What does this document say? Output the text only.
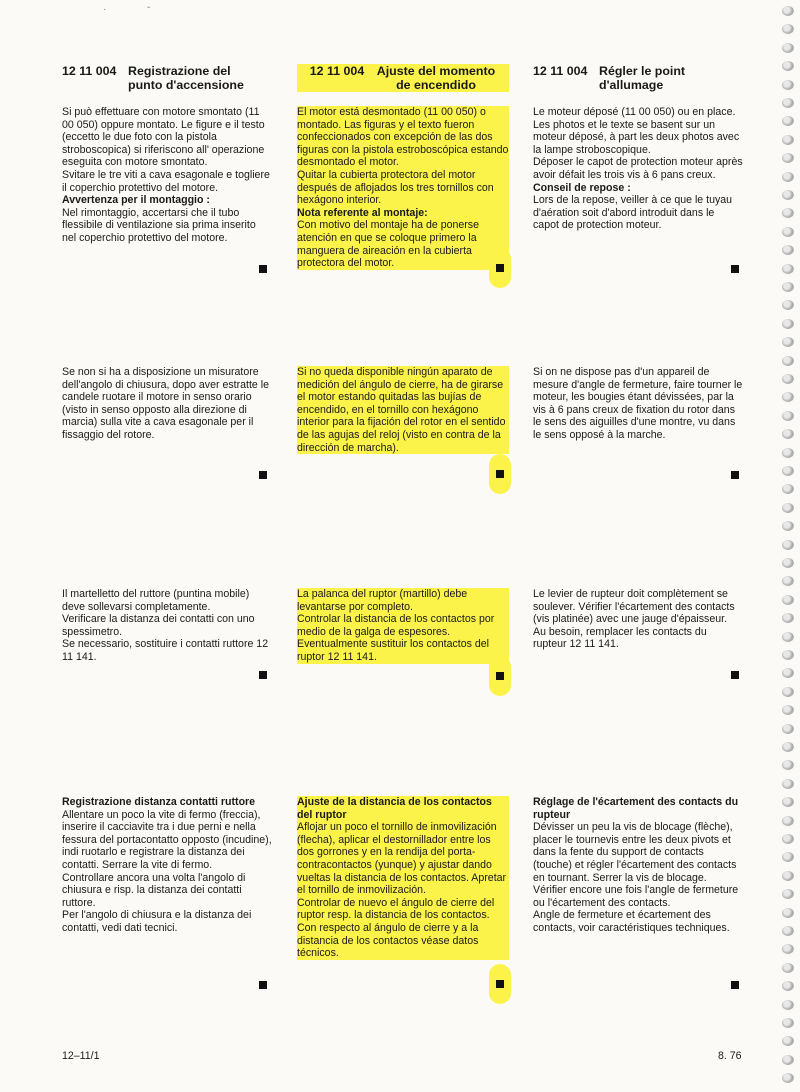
·	ˇ
12 11 004 Registrazione del punto d'accensione

Si può effettuare con motore smontato (11 00 050) oppure montato. Le figure e il testo (eccetto le due foto con la pistola stroboscopica) si riferiscono all' operazione eseguita con motore smontato.
Svitare le tre viti a cava esagonale e togliere il coperchio protettivo del motore.

Avvertenza per il montaggio :

Nel rimontaggio, accertarsi che il tubo flessibile di ventilazione sia prima inserito nel coperchio protettivo del motore.

12 11 004 Ajuste del momento de encendido

El motor está desmontado (11 00 050) o montado. Las figuras y el texto fueron confeccionados con excepción de las dos figuras con la pistola estroboscópica estando desmontado el motor.
Quitar la cubierta protectora del motor después de aflojados los tres tornillos con hexágono interior.

Nota referente al montaje:

Con motivo del montaje ha de ponerse atención en que se coloque primero la manguera de aireación en la cubierta protectora del motor.

12 11 004 Régler le point d'allumage

Le moteur déposé (11 00 050) ou en place. Les photos et le texte se basent sur un moteur déposé, à part les deux photos avec la lampe stroboscopique.
Déposer le capot de protection moteur après avoir défait les trois vis à 6 pans creux.

Conseil de repose :

Lors de la repose, veiller à ce que le tuyau d'aération soit d'abord introduit dans le capot de protection moteur.

Se non si ha a disposizione un misuratore dell'angolo di chiusura, dopo aver estratte le candele ruotare il motore in senso orario (visto in senso opposto alla direzione di marcia) sulla vite a cava esagonale per il fissaggio del rotore.

Si no queda disponible ningún aparato de medición del ángulo de cierre, ha de girarse el motor estando quitadas las bujías de encendido, en el tornillo con hexágono interior para la fijación del rotor en el sentido de las agujas del reloj (visto en contra de la dirección de marcha).

Si on ne dispose pas d'un appareil de mesure d'angle de fermeture, faire tourner le moteur, les bougies étant dévissées, par la vis à 6 pans creux de fixation du rotor dans le sens des aiguilles d'une montre, vu dans le sens opposé à la marche.

Il martelletto del ruttore (puntina mobile) deve sollevarsi completamente.
Verificare la distanza dei contatti con uno spessimetro.
Se necessario, sostituire i contatti ruttore 12 11 141.

La palanca del ruptor (martillo) debe levantarse por completo.
Controlar la distancia de los contactos por medio de la galga de espesores.
Eventualmente sustituir los contactos del ruptor 12 11 141.

Le levier de rupteur doit complètement se soulever. Vérifier l'écartement des contacts (vis platinée) avec une jauge d'épaisseur.
Au besoin, remplacer les contacts du rupteur 12 11 141.

Registrazione distanza contatti ruttore

Allentare un poco la vite di fermo (freccia), inserire il cacciavite tra i due perni e nella fessura del portacontatto opposto (incudine), indi ruotarlo e registrare la distanza dei contatti. Serrare la vite di fermo.
Controllare ancora una volta l'angolo di chiusura e risp. la distanza dei contatti ruttore.
Per l'angolo di chiusura e la distanza dei contatti, vedi dati tecnici.

Ajuste de la distancia de los contactos del ruptor

Aflojar un poco el tornillo de inmovilización (flecha), aplicar el destornillador entre los dos gorrones y en la rendija del porta-contracontactos (yunque) y ajustar dando vueltas la distancia de los contactos. Apretar el tornillo de inmovilización.
Controlar de nuevo el ángulo de cierre del ruptor resp. la distancia de los contactos.
Con respecto al ángulo de cierre y a la distancia de los contactos véase datos técnicos.

Réglage de l'écartement des contacts du rupteur

Dévisser un peu la vis de blocage (flèche), placer le tournevis entre les deux pivots et dans la fente du support de contacts (touche) et régler l'écartement des contacts en tournant. Serrer la vis de blocage. Vérifier encore une fois l'angle de fermeture ou l'écartement des contacts.
Angle de fermeture et écartement des contacts, voir caractéristiques techniques.

12–11/1	8. 76
